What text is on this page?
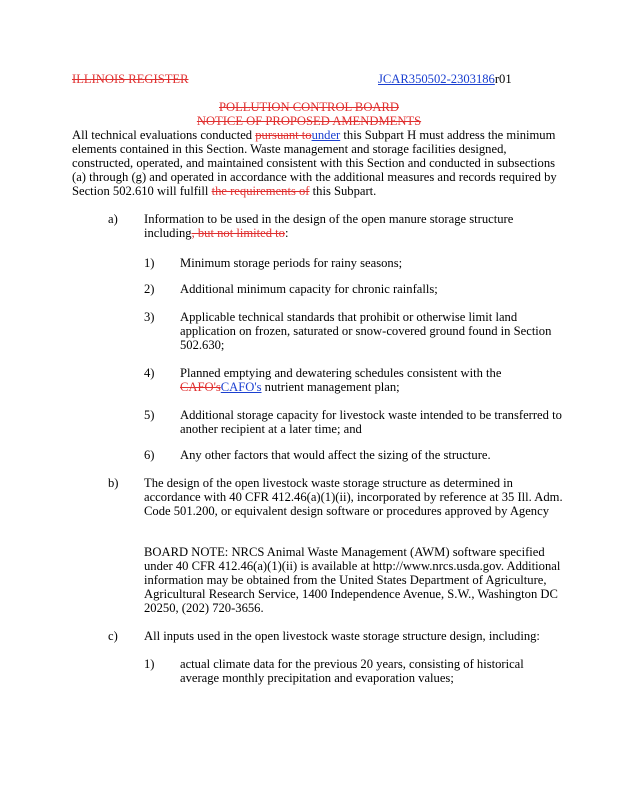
ILLINOIS REGISTER	JCAR350502-2303186r01
POLLUTION CONTROL BOARD
NOTICE OF PROPOSED AMENDMENTS
All technical evaluations conducted pursuant tounder this Subpart H must address the minimum elements contained in this Section. Waste management and storage facilities designed, constructed, operated, and maintained consistent with this Section and conducted in subsections (a) through (g) and operated in accordance with the additional measures and records required by Section 502.610 will fulfill the requirements of this Subpart.
a) Information to be used in the design of the open manure storage structure including, but not limited to:
1) Minimum storage periods for rainy seasons;
2) Additional minimum capacity for chronic rainfalls;
3) Applicable technical standards that prohibit or otherwise limit land application on frozen, saturated or snow-covered ground found in Section 502.630;
4) Planned emptying and dewatering schedules consistent with the CAFO'sCAFO's nutrient management plan;
5) Additional storage capacity for livestock waste intended to be transferred to another recipient at a later time; and
6) Any other factors that would affect the sizing of the structure.
b) The design of the open livestock waste storage structure as determined in accordance with 40 CFR 412.46(a)(1)(ii), incorporated by reference at 35 Ill. Adm. Code 501.200, or equivalent design software or procedures approved by Agency
BOARD NOTE: NRCS Animal Waste Management (AWM) software specified under 40 CFR 412.46(a)(1)(ii) is available at http://www.nrcs.usda.gov. Additional information may be obtained from the United States Department of Agriculture, Agricultural Research Service, 1400 Independence Avenue, S.W., Washington DC 20250, (202) 720-3656.
c) All inputs used in the open livestock waste storage structure design, including:
1) actual climate data for the previous 20 years, consisting of historical average monthly precipitation and evaporation values;
